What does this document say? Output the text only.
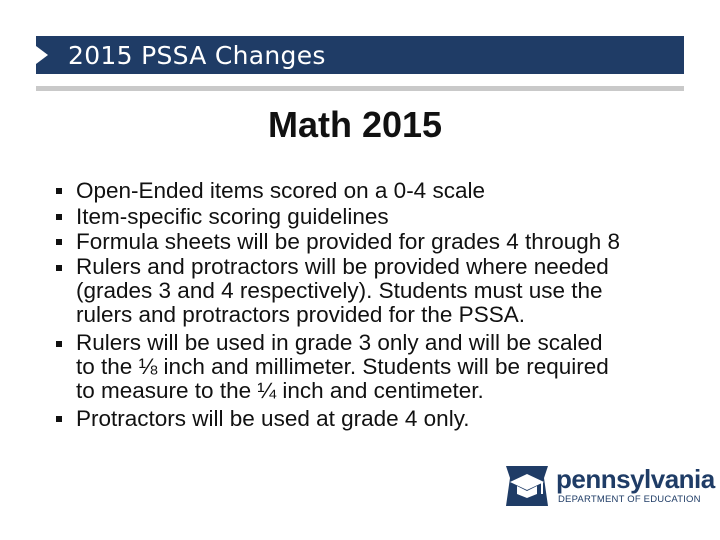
2015 PSSA Changes
Math 2015
Open-Ended items scored on a 0-4 scale
Item-specific scoring guidelines
Formula sheets will be provided for grades 4 through 8
Rulers and protractors will be provided where needed
(grades 3 and 4 respectively). Students must use the
rulers and protractors provided for the PSSA.
Rulers will be used in grade 3 only and will be scaled
to the ⅛ inch and millimeter. Students will be required
to measure to the ¼ inch and centimeter.
Protractors will be used at grade 4 only.
pennsylvania
DEPARTMENT OF EDUCATION
